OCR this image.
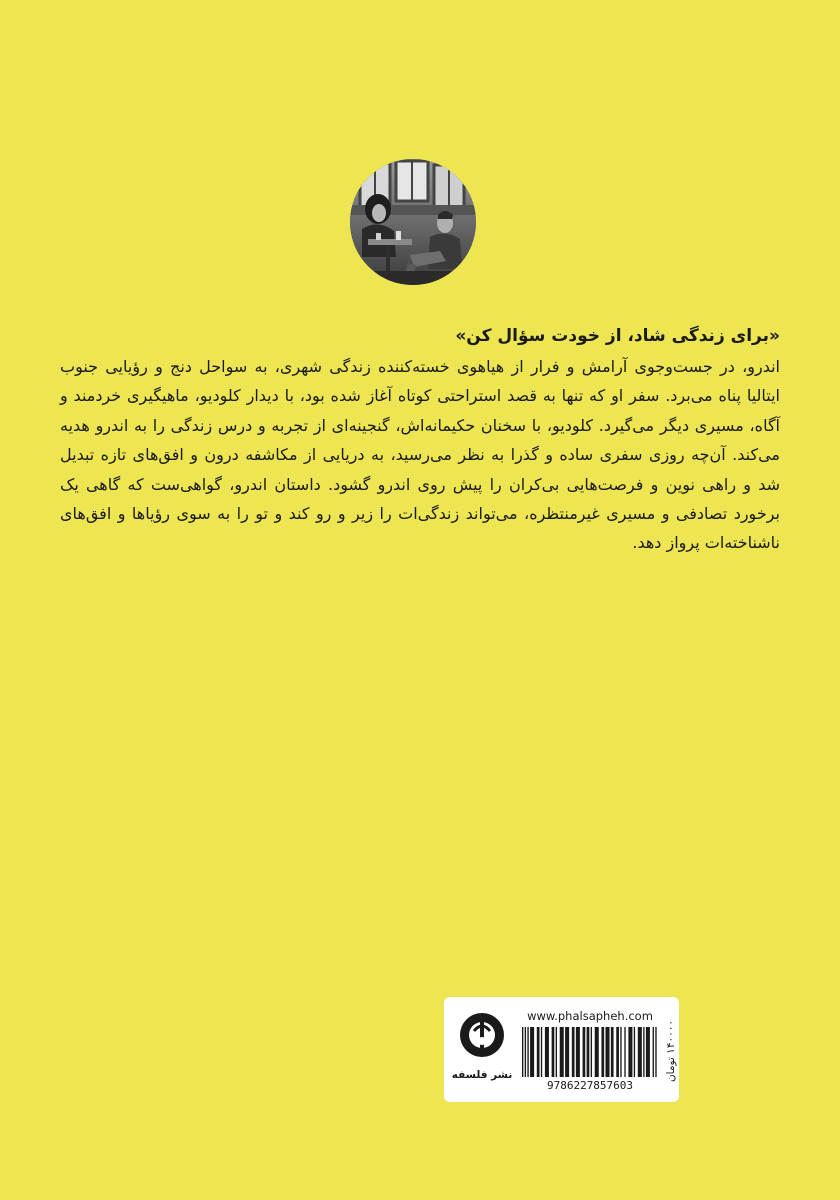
«برای زندگی شاد، از خودت سؤال کن»

اندرو، در جست‌وجوی آرامش و فرار از هیاهوی خسته‌کننده زندگی شهری، به سواحل دنج و رؤیایی جنوب ایتالیا پناه می‌برد. سفر او که تنها به قصد استراحتی کوتاه آغاز شده بود، با دیدار کلودیو، ماهیگیری خردمند و آگاه، مسیری دیگر می‌گیرد. کلودیو، با سخنان حکیمانه‌اش، گنجینه‌ای از تجربه و درس زندگی را به اندرو هدیه می‌کند. آن‌چه روزی سفری ساده و گذرا به نظر می‌رسید، به دریایی از مکاشفه درون و افق‌های تازه تبدیل شد و راهی نوین و فرصت‌هایی بی‌کران را پیش روی اندرو گشود. داستان اندرو، گواهی‌ست که گاهی یک برخورد تصادفی و مسیری غیرمنتظره، می‌تواند زندگی‌ات را زیر و رو کند و تو را به سوی رؤیاها و افق‌های ناشناخته‌ات پرواز دهد.

نشر فلسفه
www.phalsapheh.com
9786227857603
۱۴۰۰۰۰ تومان
